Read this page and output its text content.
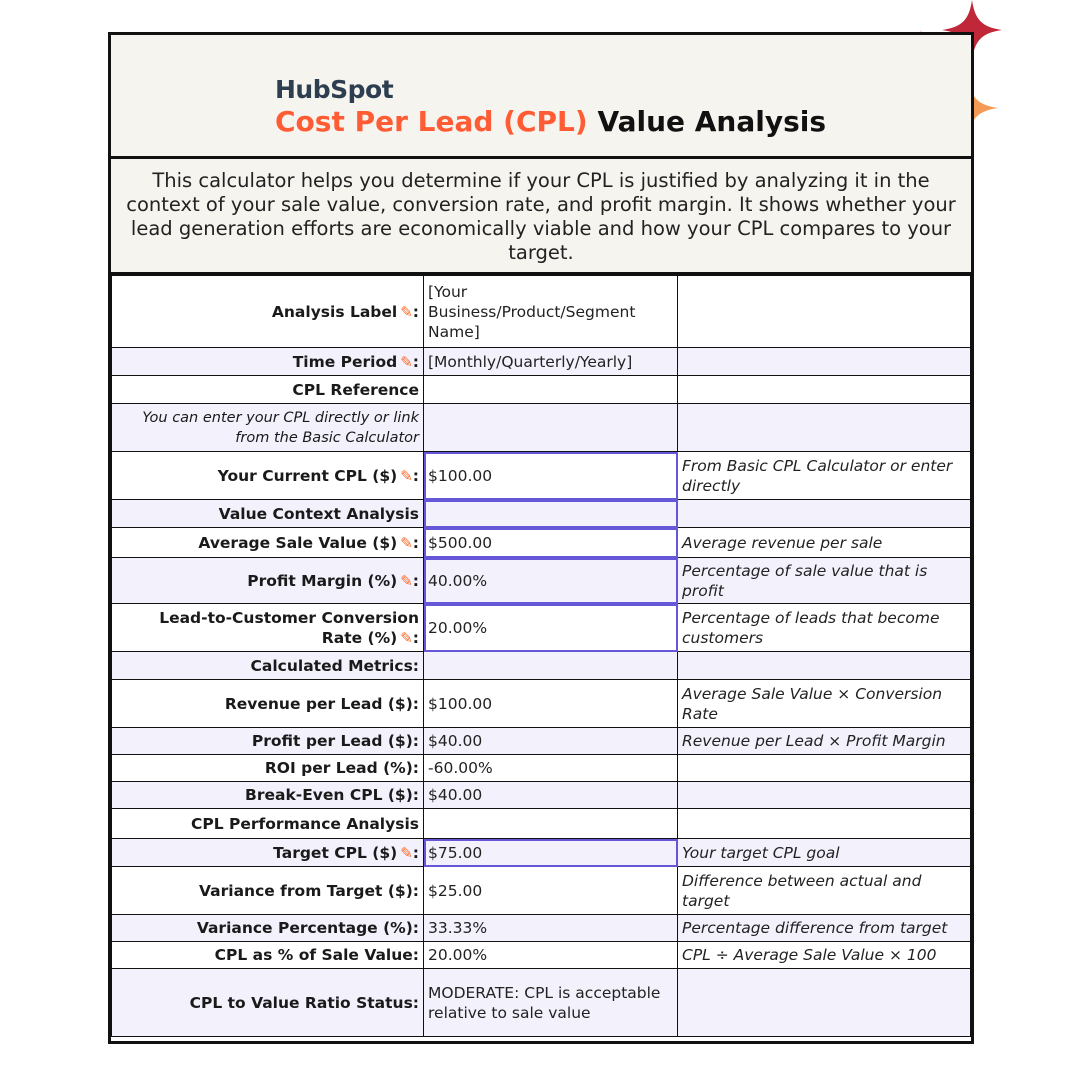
HubSpot
Cost Per Lead (CPL) Value Analysis
This calculator helps you determine if your CPL is justified by analyzing it in the context of your sale value, conversion rate, and profit margin. It shows whether your lead generation efforts are economically viable and how your CPL compares to your target.
Analysis Label ✎:	[Your Business/Product/Segment Name]	
Time Period ✎:	[Monthly/Quarterly/Yearly]	
CPL Reference		
You can enter your CPL directly or link from the Basic Calculator		
Your Current CPL ($) ✎:	$100.00	From Basic CPL Calculator or enter directly
Value Context Analysis		
Average Sale Value ($) ✎:	$500.00	Average revenue per sale
Profit Margin (%) ✎:	40.00%	Percentage of sale value that is profit
Lead-to-Customer Conversion Rate (%) ✎:	20.00%	Percentage of leads that become customers
Calculated Metrics:		
Revenue per Lead ($):	$100.00	Average Sale Value × Conversion Rate
Profit per Lead ($):	$40.00	Revenue per Lead × Profit Margin
ROI per Lead (%):	-60.00%	
Break-Even CPL ($):	$40.00	
CPL Performance Analysis		
Target CPL ($) ✎:	$75.00	Your target CPL goal
Variance from Target ($):	$25.00	Difference between actual and target
Variance Percentage (%):	33.33%	Percentage difference from target
CPL as % of Sale Value:	20.00%	CPL ÷ Average Sale Value × 100
CPL to Value Ratio Status:	MODERATE: CPL is acceptable relative to sale value	
